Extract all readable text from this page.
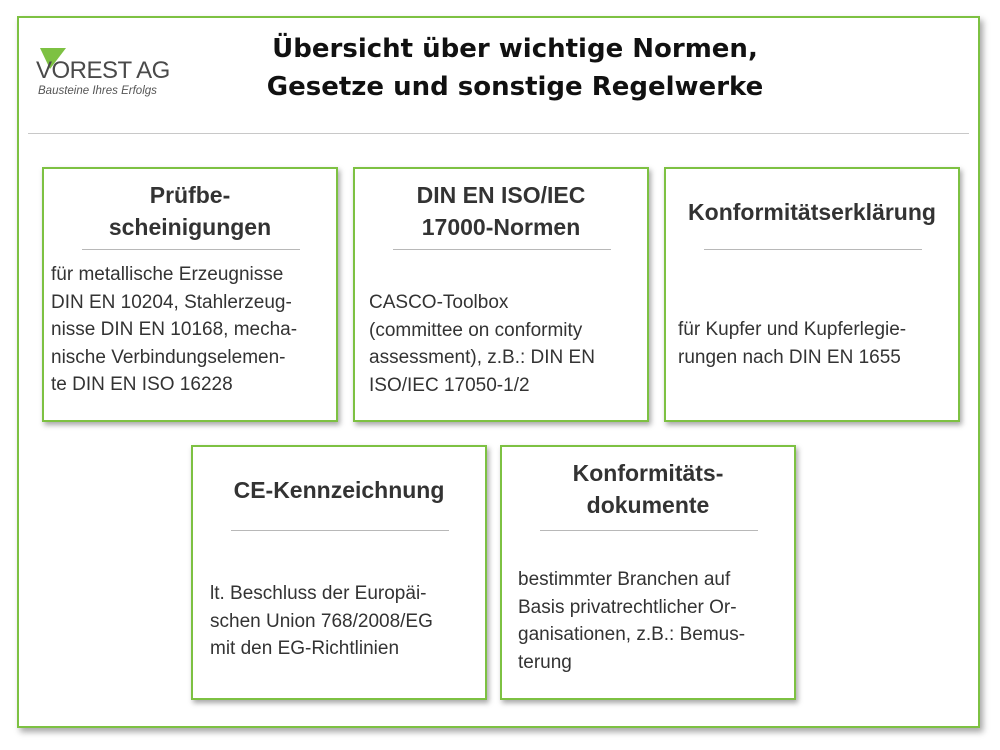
VOREST AG
Bausteine Ihres Erfolgs
Übersicht über wichtige Normen,
Gesetze und sonstige Regelwerke
Prüfbe-
scheinigungen
für metallische Erzeugnisse
DIN EN 10204, Stahlerzeug-
nisse DIN EN 10168, mecha-
nische Verbindungselemen-
te DIN EN ISO 16228
DIN EN ISO/IEC
17000-Normen
CASCO-Toolbox
(committee on conformity
assessment), z.B.: DIN EN
ISO/IEC 17050-1/2
Konformitätserklärung
für Kupfer und Kupferlegie-
rungen nach DIN EN 1655
CE-Kennzeichnung
lt. Beschluss der Europäi-
schen Union 768/2008/EG
mit den EG-Richtlinien
Konformitäts-
dokumente
bestimmter Branchen auf
Basis privatrechtlicher Or-
ganisationen, z.B.: Bemus-
terung
